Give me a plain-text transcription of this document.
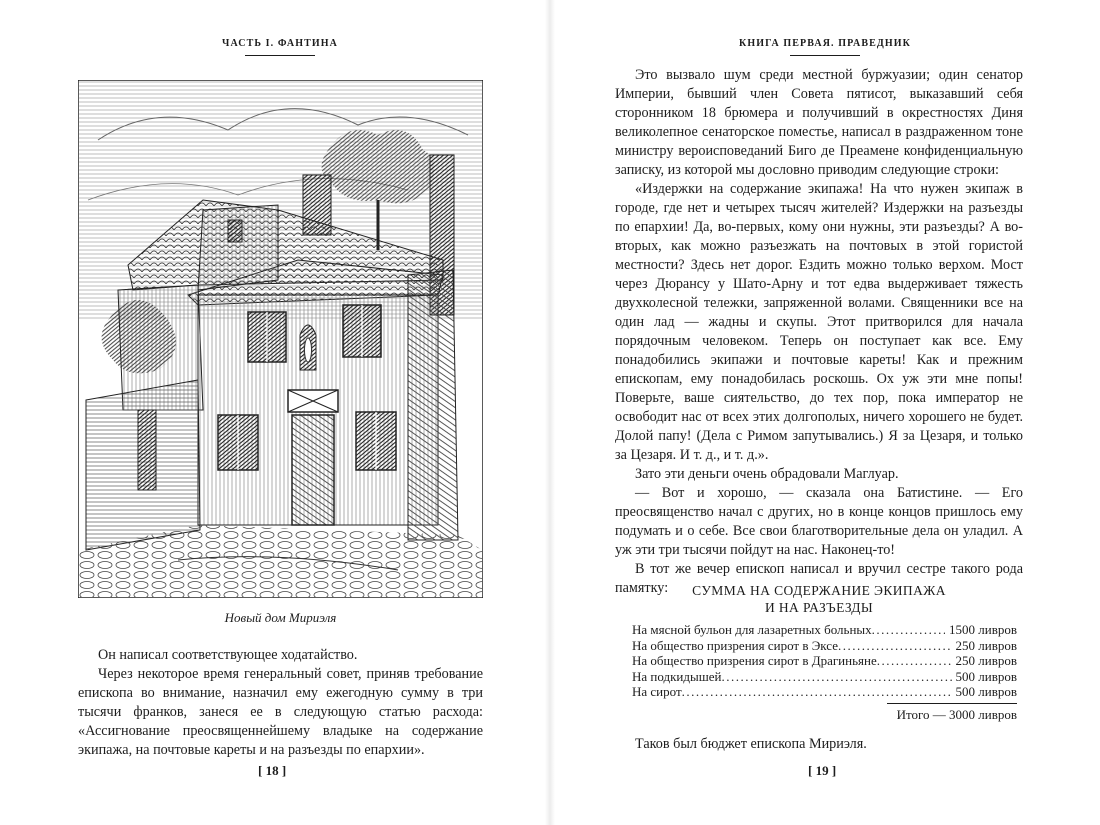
ЧАСТЬ I. ФАНТИНА
Новый дом Мириэля

Он написал соответствующее ходатайство.

Через некоторое время генеральный совет, приняв требование епископа во внимание, назначил ему ежегодную сумму в три тысячи франков, занеся ее в следующую статью расхода: «Ассигнование преосвященнейшему владыке на содержание экипажа, на почтовые кареты и на разъезды по епархии».

[ 18 ]
КНИГА ПЕРВАЯ. ПРАВЕДНИК

Это вызвало шум среди местной буржуазии; один сенатор Империи, бывший член Совета пятисот, выказавший себя сторонником 18 брюмера и получивший в окрестностях Диня великолепное сенаторское поместье, написал в раздраженном тоне министру вероисповеданий Биго де Преамене конфиденциальную записку, из которой мы дословно приводим следующие строки:

«Издержки на содержание экипажа! На что нужен экипаж в городе, где нет и четырех тысяч жителей? Издержки на разъезды по епархии! Да, во-первых, кому они нужны, эти разъезды? А во-вторых, как можно разъезжать на почтовых в этой гористой местности? Здесь нет дорог. Ездить можно только верхом. Мост через Дюрансу у Шато-Арну и тот едва выдерживает тяжесть двухколесной тележки, запряженной волами. Священники все на один лад — жадны и скупы. Этот притворился для начала порядочным человеком. Теперь он поступает как все. Ему понадобились экипажи и почтовые кареты! Как и прежним епископам, ему понадобилась роскошь. Ох уж эти мне попы! Поверьте, ваше сиятельство, до тех пор, пока император не освободит нас от всех этих долгополых, ничего хорошего не будет. Долой папу! (Дела с Римом запутывались.) Я за Цезаря, и только за Цезаря. И т. д., и т. д.».

Зато эти деньги очень обрадовали Маглуар.

— Вот и хорошо, — сказала она Батистине. — Его преосвященство начал с других, но в конце концов пришлось ему подумать и о себе. Все свои благотворительные дела он уладил. А уж эти три тысячи пойдут на нас. Наконец-то!

В тот же вечер епископ написал и вручил сестре такого рода памятку:	СУММА НА СОДЕРЖАНИЕ ЭКИПАЖА
И НА РАЗЪЕЗДЫ
На мясной бульон для лазаретных больных .....	1500 ливров
На общество призрения сирот в Эксе .....	250 ливров
На общество призрения сирот в Драгиньяне .....	250 ливров
На подкидышей .....	500 ливров
На сирот .....	500 ливров
Итого — 3000 ливров

Таков был бюджет епископа Мириэля.

[ 19 ]
